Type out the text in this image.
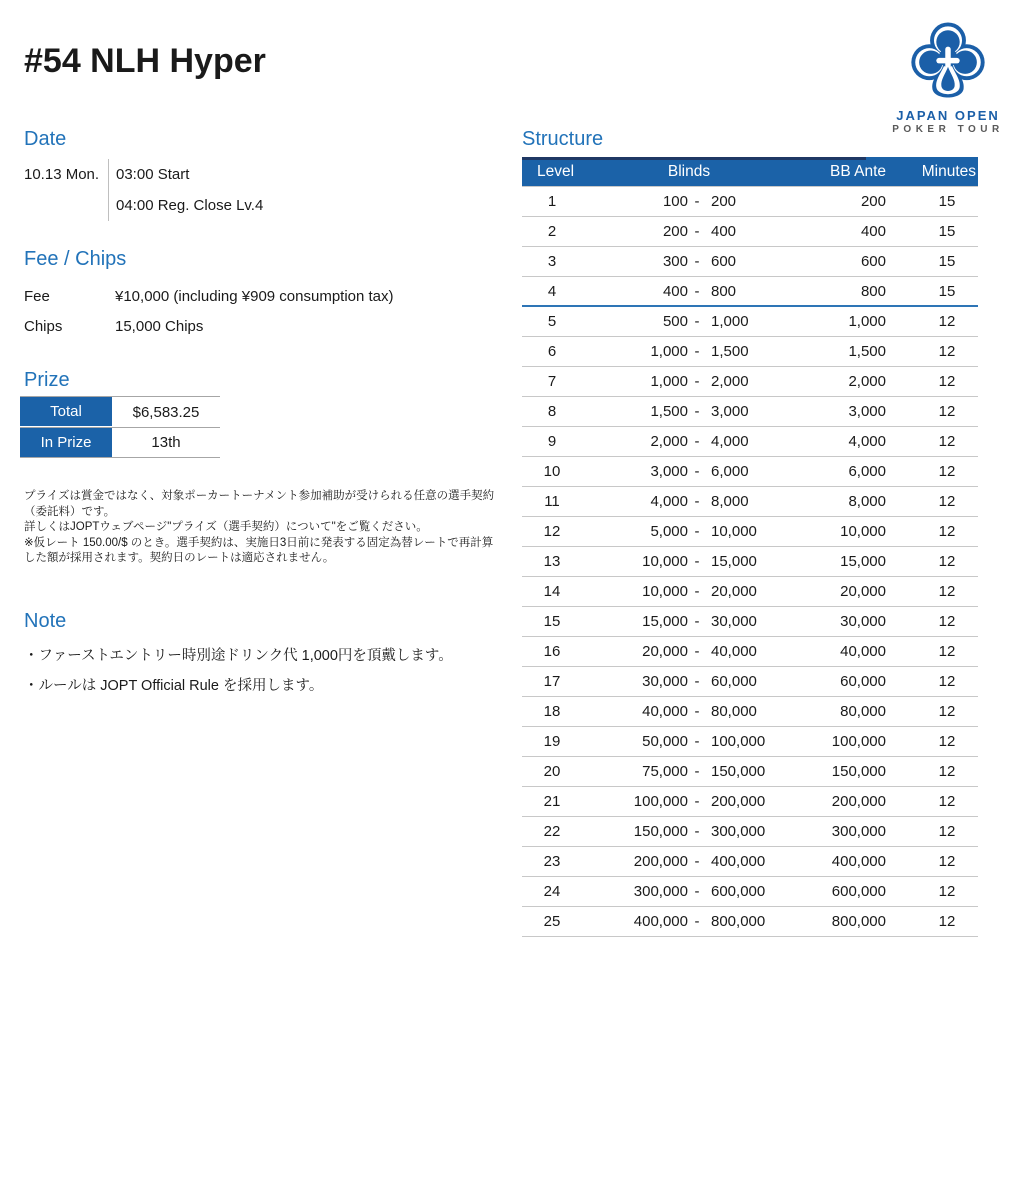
#54 NLH Hyper
JAPAN OPEN
POKER TOUR
Date
10.13 Mon. 03:00 Start
04:00 Reg. Close Lv.4
Fee / Chips
Fee	¥10,000 (including ¥909 consumption tax)
Chips	15,000 Chips
Prize
Total	$6,583.25
In Prize	13th
プライズは賞金ではなく、対象ポーカートーナメント参加補助が受けられる任意の選手契約（委託料）です。
詳しくはJOPTウェブページ"プライズ（選手契約）について"をご覧ください。
※仮レート 150.00/$ のとき。選手契約は、実施日3日前に発表する固定為替レートで再計算した額が採用されます。契約日のレートは適応されません。
Note
・ファーストエントリー時別途ドリンク代 1,000円を頂戴します。
・ルールは JOPT Official Rule を採用します。
Structure
Level	Blinds	BB Ante	Minutes
1	100 - 200	200	15
2	200 - 400	400	15
3	300 - 600	600	15
4	400 - 800	800	15
5	500 - 1,000	1,000	12
6	1,000 - 1,500	1,500	12
7	1,000 - 2,000	2,000	12
8	1,500 - 3,000	3,000	12
9	2,000 - 4,000	4,000	12
10	3,000 - 6,000	6,000	12
11	4,000 - 8,000	8,000	12
12	5,000 - 10,000	10,000	12
13	10,000 - 15,000	15,000	12
14	10,000 - 20,000	20,000	12
15	15,000 - 30,000	30,000	12
16	20,000 - 40,000	40,000	12
17	30,000 - 60,000	60,000	12
18	40,000 - 80,000	80,000	12
19	50,000 - 100,000	100,000	12
20	75,000 - 150,000	150,000	12
21	100,000 - 200,000	200,000	12
22	150,000 - 300,000	300,000	12
23	200,000 - 400,000	400,000	12
24	300,000 - 600,000	600,000	12
25	400,000 - 800,000	800,000	12
